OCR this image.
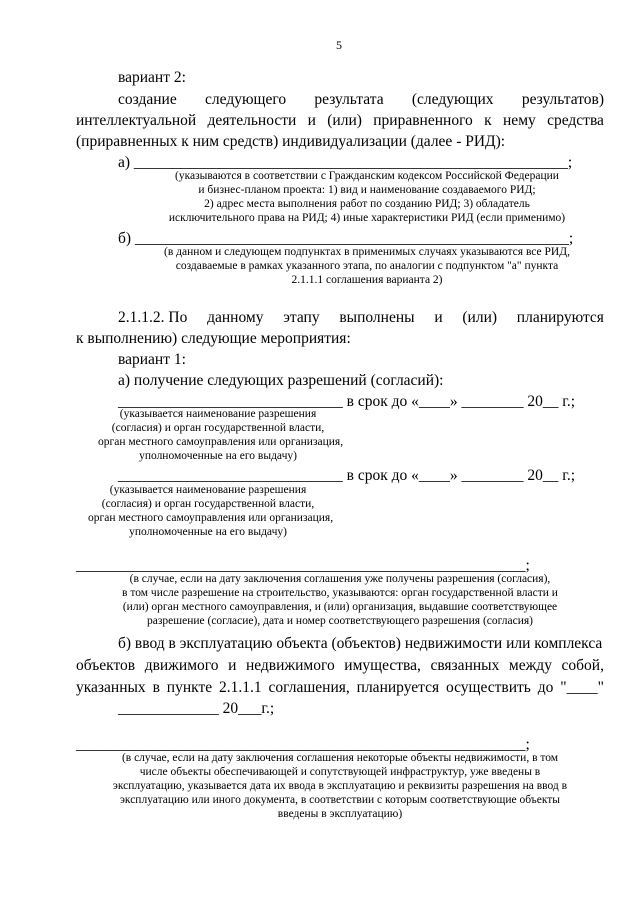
5
вариант 2:
создание следующего результата (следующих результатов)
интеллектуальной деятельности и (или) приравненного к нему средства
(приравненных к ним средств) индивидуализации (далее - РИД):
а) ________________________________________________________;
(указываются в соответствии с Гражданским кодексом Российской Федерации
и бизнес-планом проекта: 1) вид и наименование создаваемого РИД;
2) адрес места выполнения работ по созданию РИД; 3) обладатель
исключительного права на РИД; 4) иные характеристики РИД (если применимо)
б) ________________________________________________________;
(в данном и следующем подпунктах в применимых случаях указываются все РИД,
создаваемые в рамках указанного этапа, по аналогии с подпунктом "а" пункта
2.1.1.1 соглашения варианта 2)
2.1.1.2. По данному этапу выполнены и (или) планируются
к выполнению) следующие мероприятия:
вариант 1:
а) получение следующих разрешений (согласий):
_____________________________ в срок до «____» ________ 20__ г.;
(указывается наименование разрешения
(согласия) и орган государственной власти,
орган местного самоуправления или организация,
уполномоченные на его выдачу)
_____________________________ в срок до «____» ________ 20__ г.;
(указывается наименование разрешения
(согласия) и орган государственной власти,
орган местного самоуправления или организация,
уполномоченные на его выдачу)
__________________________________________________________;
(в случае, если на дату заключения соглашения уже получены разрешения (согласия),
в том числе разрешение на строительство, указываются: орган государственной власти и
(или) орган местного самоуправления, и (или) организация, выдавшие соответствующее
разрешение (согласие), дата и номер соответствующего разрешения (согласия)
б) ввод в эксплуатацию объекта (объектов) недвижимости или комплекса
объектов движимого и недвижимого имущества, связанных между собой,
указанных в пункте 2.1.1.1 соглашения, планируется осуществить до "____"
_____________ 20___г.;
__________________________________________________________;
(в случае, если на дату заключения соглашения некоторые объекты недвижимости, в том
числе объекты обеспечивающей и сопутствующей инфраструктур, уже введены в
эксплуатацию, указывается дата их ввода в эксплуатацию и реквизиты разрешения на ввод в
эксплуатацию или иного документа, в соответствии с которым соответствующие объекты
введены в эксплуатацию)
